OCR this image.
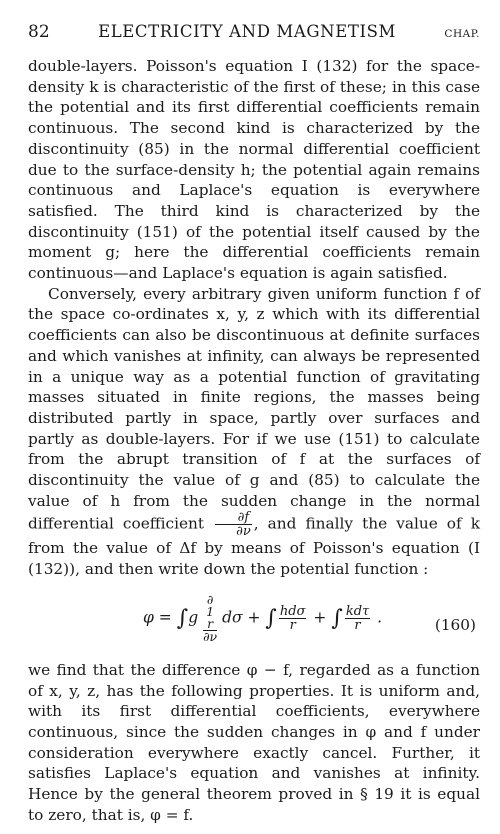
82	ELECTRICITY AND MAGNETISM	CHAP.

double-layers. Poisson's equation I (132) for the space-density k is characteristic of the first of these; in this case the potential and its first differential coefficients remain continuous. The second kind is characterized by the discontinuity (85) in the normal differential coefficient due to the surface-density h; the potential again remains continuous and Laplace's equation is everywhere satisfied. The third kind is characterized by the discontinuity (151) of the potential itself caused by the moment g; here the differential coefficients remain continuous—and Laplace's equation is again satisfied.

Conversely, every arbitrary given uniform function f of the space co-ordinates x, y, z which with its differential coefficients can also be discontinuous at definite surfaces and which vanishes at infinity, can always be represented in a unique way as a potential function of gravitating masses situated in finite regions, the masses being distributed partly in space, partly over surfaces and partly as double-layers. For if we use (151) to calculate from the abrupt transition of f at the surfaces of discontinuity the value of g and (85) to calculate the value of h from the sudden change in the normal differential coefficient $\frac{\partial f}{\partial\nu}$ , and finally the value of k from the value of Δf by means of Poisson's equation (I (132)), and then write down the potential function :

φ = ∫g
∂
1
r
∂ν
dσ + ∫ $\frac{\text{hdσ}}{r}$ + ∫ $\frac{\text{kdτ}}{r}$ .	(160)

we find that the difference φ − f, regarded as a function of x, y, z, has the following properties. It is uniform and, with its first differential coefficients, everywhere continuous, since the sudden changes in φ and f under consideration everywhere exactly cancel. Further, it satisfies Laplace's equation and vanishes at infinity. Hence by the general theorem proved in § 19 it is equal to zero, that is, φ = f.
